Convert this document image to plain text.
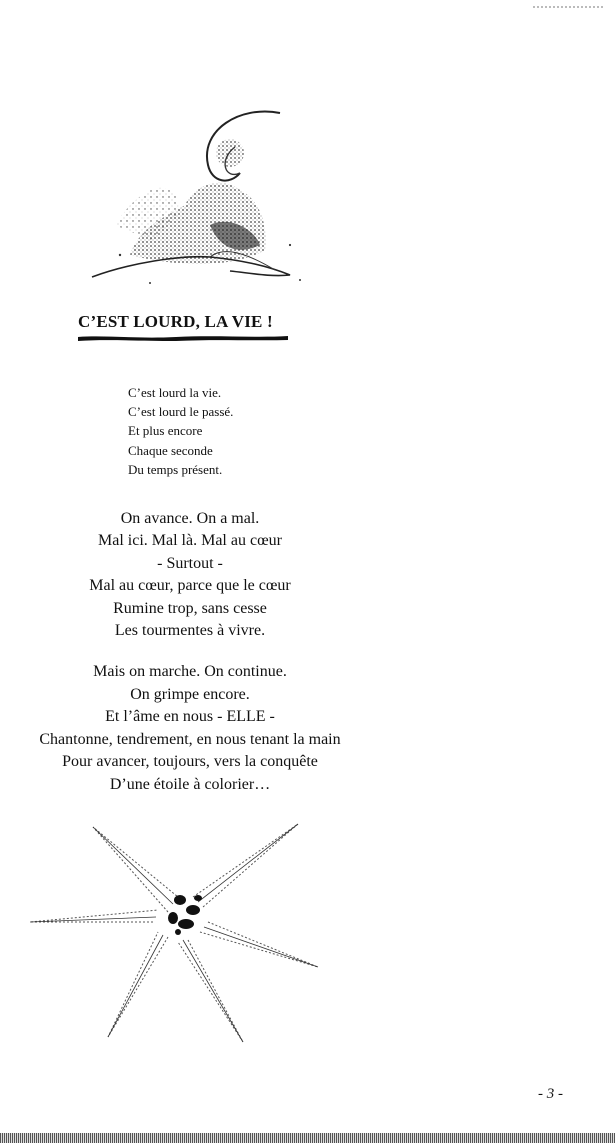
C’EST LOURD, LA VIE !
C’est lourd la vie.
C’est lourd le passé.
Et plus encore
Chaque seconde
Du temps présent.
On avance. On a mal.
Mal ici. Mal là. Mal au cœur
- Surtout -
Mal au cœur, parce que le cœur
Rumine trop, sans cesse
Les tourmentes à vivre.
Mais on marche. On continue.
On grimpe encore.
Et l’âme en nous - ELLE -
Chantonne, tendrement, en nous tenant la main
Pour avancer, toujours, vers la conquête
D’une étoile à colorier…
- 3 -
